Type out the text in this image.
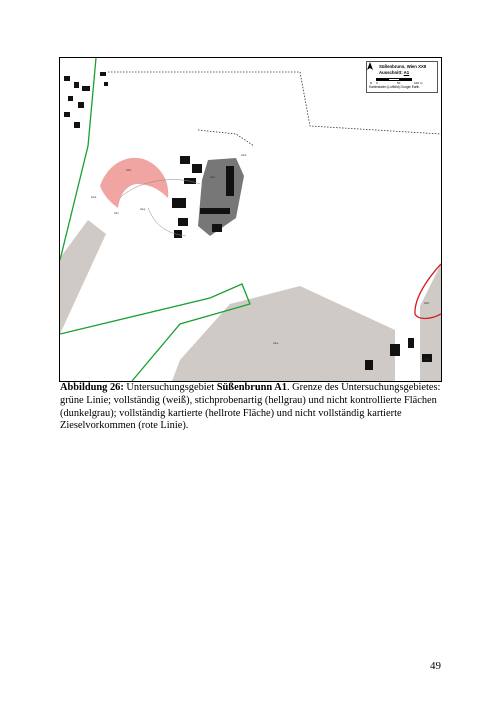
A1b
A1c
A1a
A1d
A1f
A1g
A1e
A1h
A1i
Süßenbrunn, Wien XXII
Ausschnitt: A1
N 0	50	100 m
Kartendaten (Luftbild) Google Earth
Abbildung 26: Untersuchungsgebiet Süßenbrunn A1. Grenze des Untersuchungsgebietes: grüne Linie; vollständig (weiß), stichprobenartig (hellgrau) und nicht kontrollierte Flächen (dunkelgrau); vollständig kartierte (hellrote Fläche) und nicht vollständig kartierte Zieselvorkommen (rote Linie).
49
